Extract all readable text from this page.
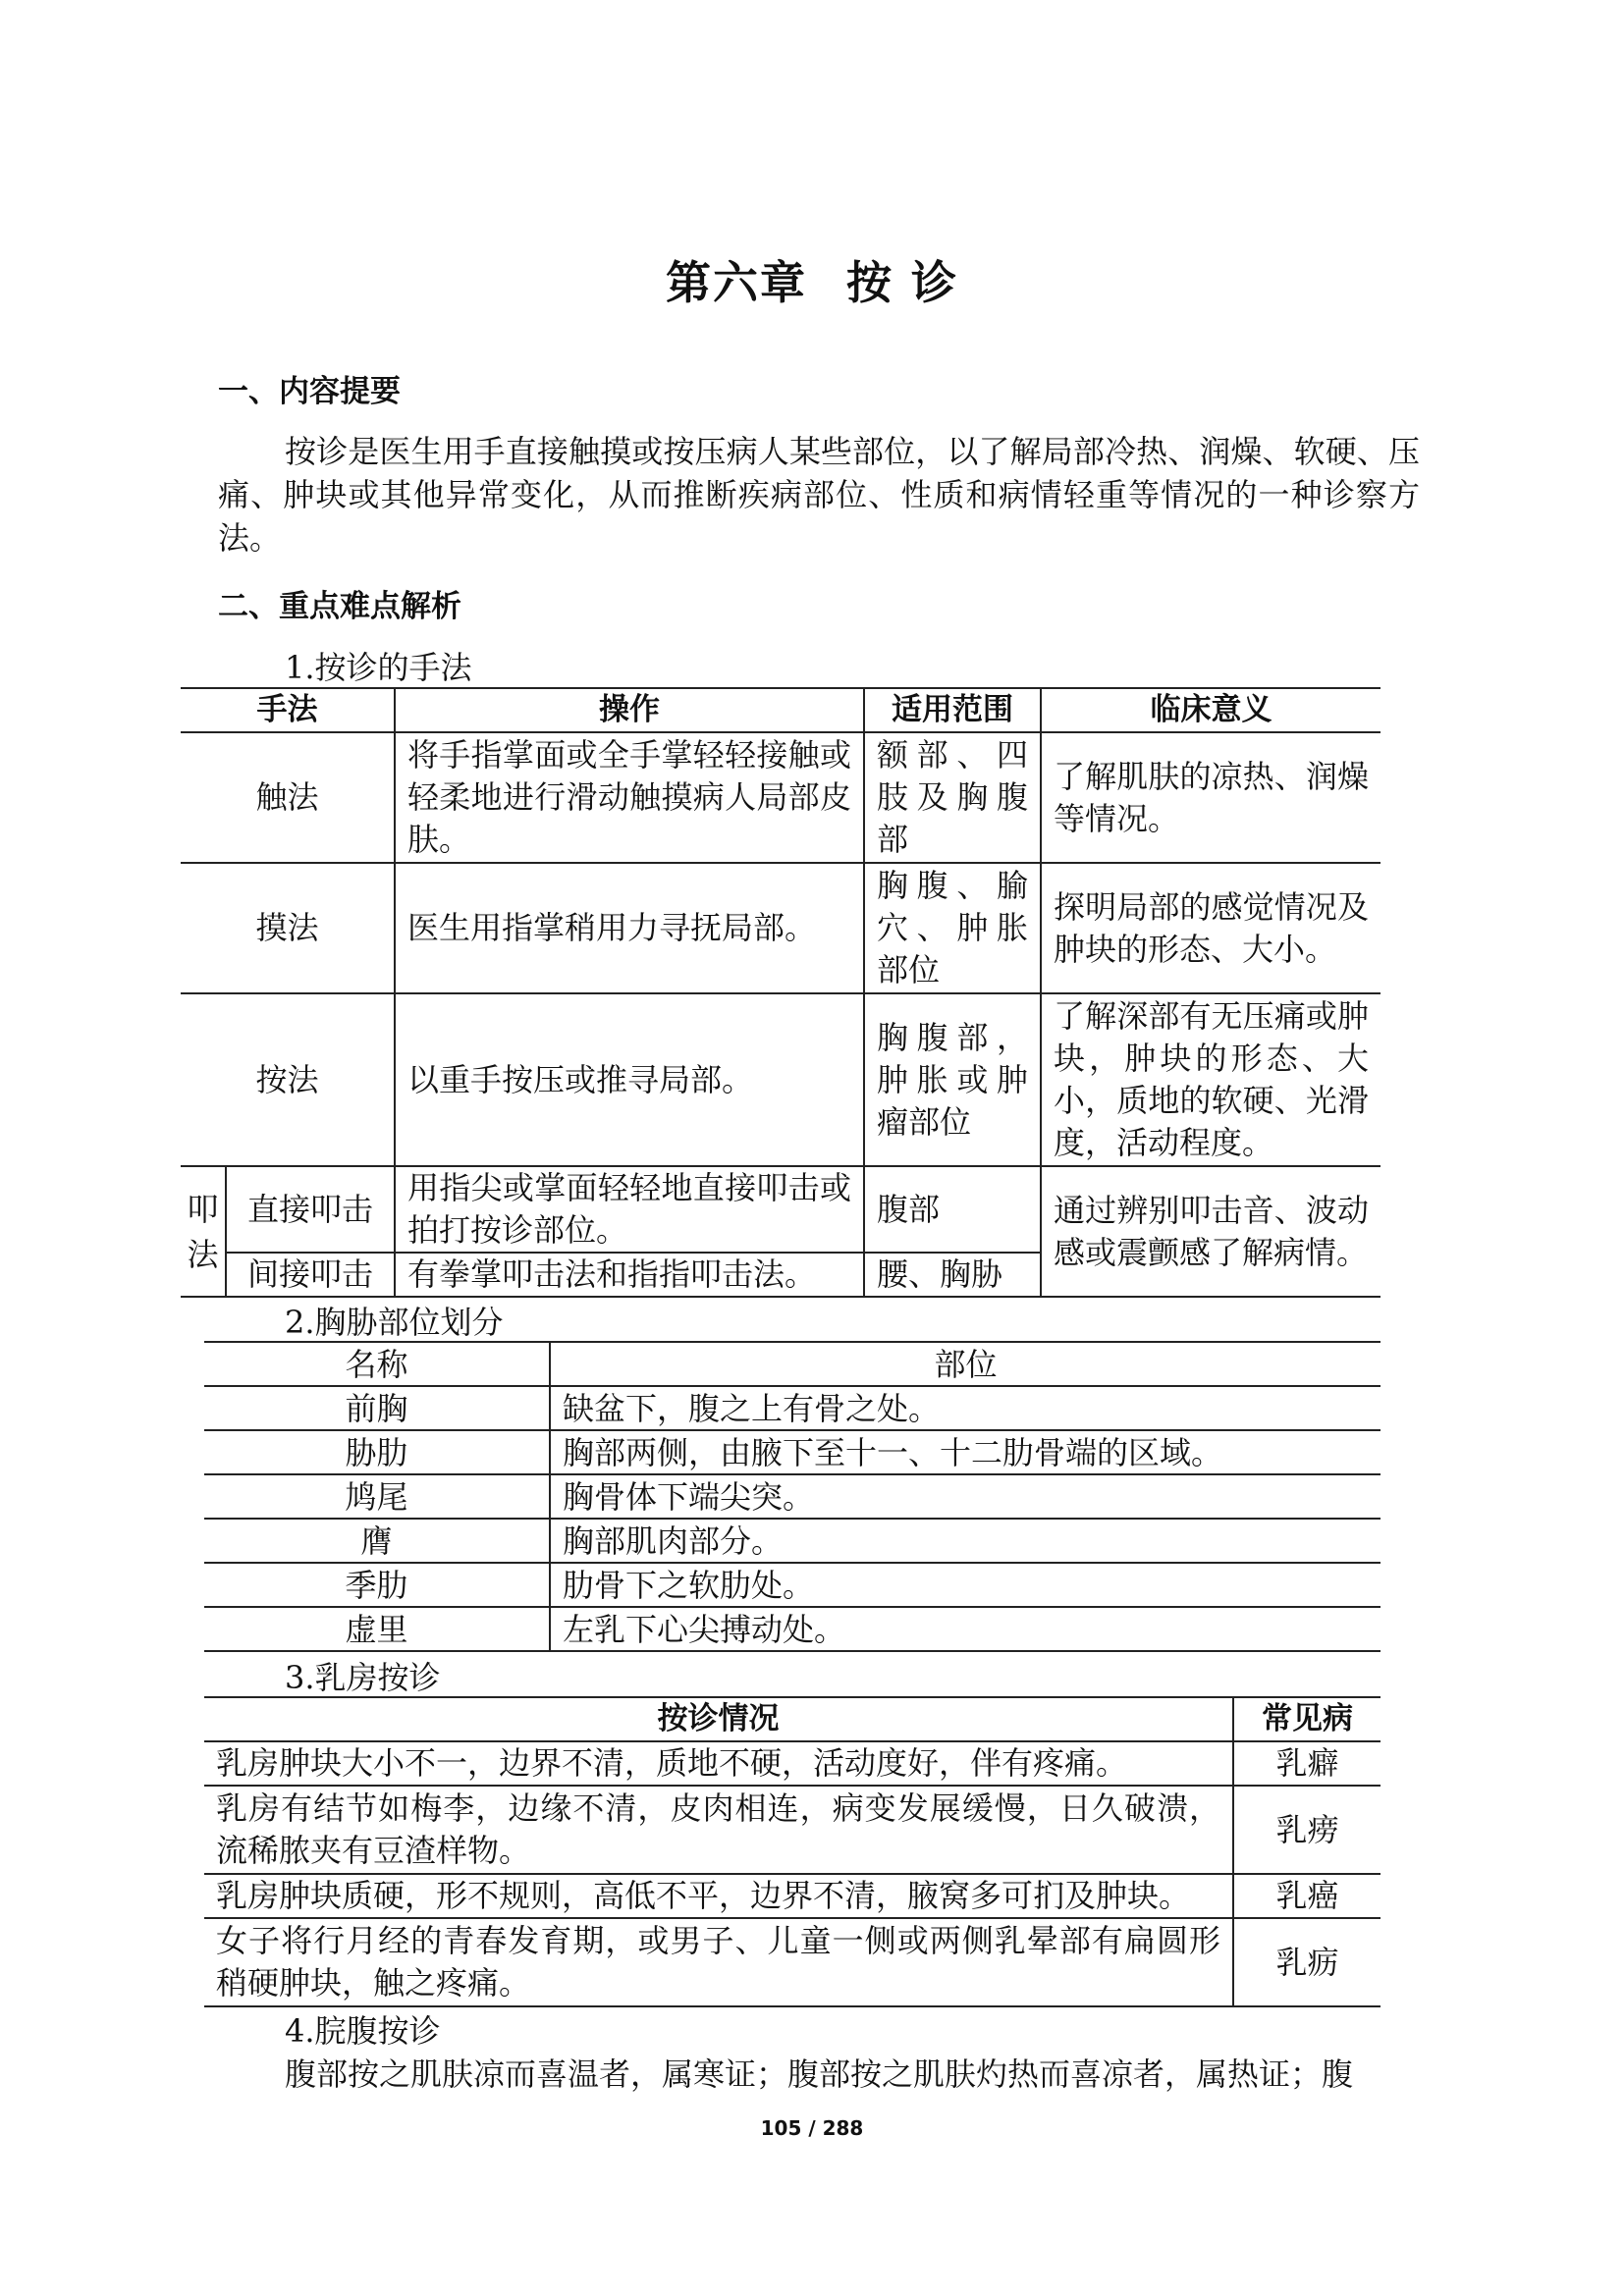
第六章 按 诊
一、内容提要
按诊是医生用手直接触摸或按压病人某些部位，以了解局部冷热、润燥、软硬、压痛、肿块或其他异常变化，从而推断疾病部位、性质和病情轻重等情况的一种诊察方法。
二、重点难点解析
1.按诊的手法
手法		操作	适用范围	临床意义
触法		将手指掌面或全手掌轻轻接触或轻柔地进行滑动触摸病人局部皮肤。	额部、四肢及胸腹部	了解肌肤的凉热、润燥等情况。
摸法		医生用指掌稍用力寻抚局部。	胸腹、腧穴、肿胀部位	探明局部的感觉情况及肿块的形态、大小。
按法		以重手按压或推寻局部。	胸腹部，肿胀或肿瘤部位	了解深部有无压痛或肿块，肿块的形态、大小，质地的软硬、光滑度，活动程度。
叩法	直接叩击	用指尖或掌面轻轻地直接叩击或拍打按诊部位。	腹部	通过辨别叩击音、波动感或震颤感了解病情。
	间接叩击	有拳掌叩击法和指指叩击法。	腰、胸胁	
2.胸胁部位划分
名称	部位
前胸	缺盆下，腹之上有骨之处。
胁肋	胸部两侧，由腋下至十一、十二肋骨端的区域。
鸠尾	胸骨体下端尖突。
膺	胸部肌肉部分。
季肋	肋骨下之软肋处。
虚里	左乳下心尖搏动处。
3.乳房按诊
按诊情况	常见病
乳房肿块大小不一，边界不清，质地不硬，活动度好，伴有疼痛。	乳癖
乳房有结节如梅李，边缘不清，皮肉相连，病变发展缓慢，日久破溃，流稀脓夹有豆渣样物。	乳痨
乳房肿块质硬，形不规则，高低不平，边界不清，腋窝多可扪及肿块。	乳癌
女子将行月经的青春发育期，或男子、儿童一侧或两侧乳晕部有扁圆形稍硬肿块，触之疼痛。	乳疬
4.脘腹按诊
腹部按之肌肤凉而喜温者，属寒证；腹部按之肌肤灼热而喜凉者，属热证；腹
105 / 288
